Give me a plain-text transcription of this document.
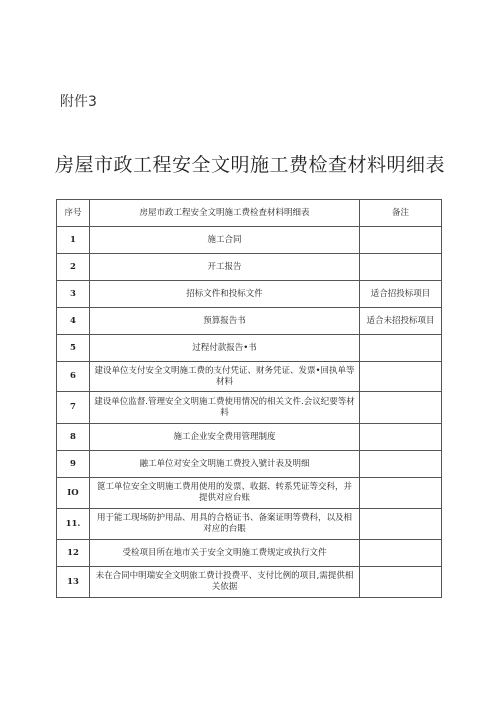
附件3
房屋市政工程安全文明施工费检查材料明细表
序号	房屋市政工程安全文明施工费检査材料明细表	备注
1	施工合同	
2	开工报告	
3	招标文件和投标文件	适合招投标项目
4	预算报告书	适合未招投标项目
5	过程付款报告•书	
6	建设单位支付安全文明施工费的支付凭证、财务凭证、发票•回执单等材料	
7	建设单位监督.管理安全文明施工费使用情况的相关文件.会议纪要等材料	
8	施工企业安全费用管理制度	
9	融工单位对安全文明施工费投入號计表及明细	
IO	篦工单位安全文明施工费用使用的发票、收据、转系凭证等交科，并提供对应台账	
11.	用于能工现场防护用品、用具的合格证书、备案证明等费科，以及相对应的台賬	
12	受检项目所在地市关于安全文明施工费规定或执行文件	
13	未在合同中明瑞安全文明旅工费计投费平、支付比例的项目,需提供相关依据	
